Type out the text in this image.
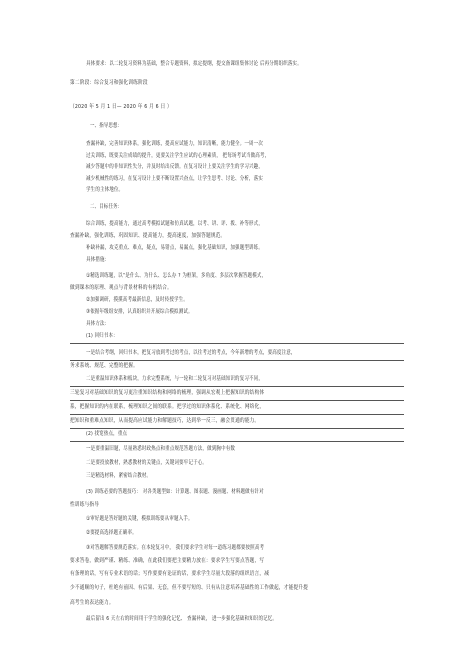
具体要求：以二轮复习资料为基础，整合专题资料，拟定提纲，提交备课组集体讨论 后再分期组织落实。
第二阶段：综合复习和强化训练阶段
（2020 年 5 月 1 日— 2020 年 6 月 6 日 ）
一、指导思想：
查漏补缺，完善知识体系，强化训练，提高应试能力，知识清晰，能力健全。一周一次
过关训练，既要关注成绩的提升，更要关注学生应试的心理素质， 把每场考试当做高考，
减少答题中的非知识性失分，并及时给出反馈。在复习设计上要关注学生的学习兴趣，
减少机械性的练习，在复习设计上要不断设置兴奋点，让学生思考、讨论、分析，落实
学生的主体地位。
二、目标任务：
综合训练，提高能力，通过高考模拟试题和仿真试题，以考、讲、评、拨、补等形式，
查漏补缺，强化训练，巩固知识、提高能力，提高速度，加强答题规范。
补缺补漏，攻克重点、难点，疑点，易错点，易漏点，强化基础知识，加强题型训练。
具体措施：
①精选训练题，以“是什么、为什么、怎么办 ? 为框架，多角度、多层次掌握答题模式，
做到课本的原理、观点与背景材料的有机结合。
②加强调研，摸摸高考最新信息，及时传授学生。
③依据年级组安排，认真组织并开展综合模拟测试。
具体方法：
(1) 回归书本：
一是结合考纲，回归书本，把复习放到考过的考点，以往考过的考点，今年新增的考点，要高度注意，
务求系统、规范、完整的把握。
二是重温知识体系和板块，力求完整系统，与一轮和二轮复习对基础知识的复习不同，
三轮复习对基础知识的复习更注重知识结构和网络的梳理，强调从宏观上把握知识的结构体
系，把握知识的内在联系，梳理知识之间的联系。把学过的知识体系化、系统化、网络化，
把知识和重难点知识，从而提高应试能力和解题技巧，达到举一反三，融会贯通的能力。
(2) 找宽热点，重点
一是要重温旧题，尽量熟悉时政热点和重点规范答题方法，做到胸中有数
二是要投放教材，熟悉教材的关键点，关键词要牢记于心。
三是精选材料，紧密结合教材。
(3) 训练必要的答题技巧： 对各类题型如：计算题、图表题、漫画题、材料题做有针对
性训练与指导
①审好题是答好题的关键，模拟训练要从审题入手。
②要提高选择题正确率。
③对答题解答要规范落实。在本轮复习中， 我们要求学生对每一道练习题都要按照高考
要求答卷，做到严谨、精练、准确，在此我们要把主要精力放在：要求学生写要点答题，写
有条理的话，写有专业术语的话；写作要要有论证的话，要求学生尽量大段落的组织语言，减
少不通顺的句子，杜绝有前因、有后果、无套，但不要写短的、只有从注意培养基础性的工作做起，才能提升提
高考生的表达能力。
最后留出 6 天左右的时间用于学生的强化记忆、 查漏补缺， 进一步强化基础和知识的记忆。
